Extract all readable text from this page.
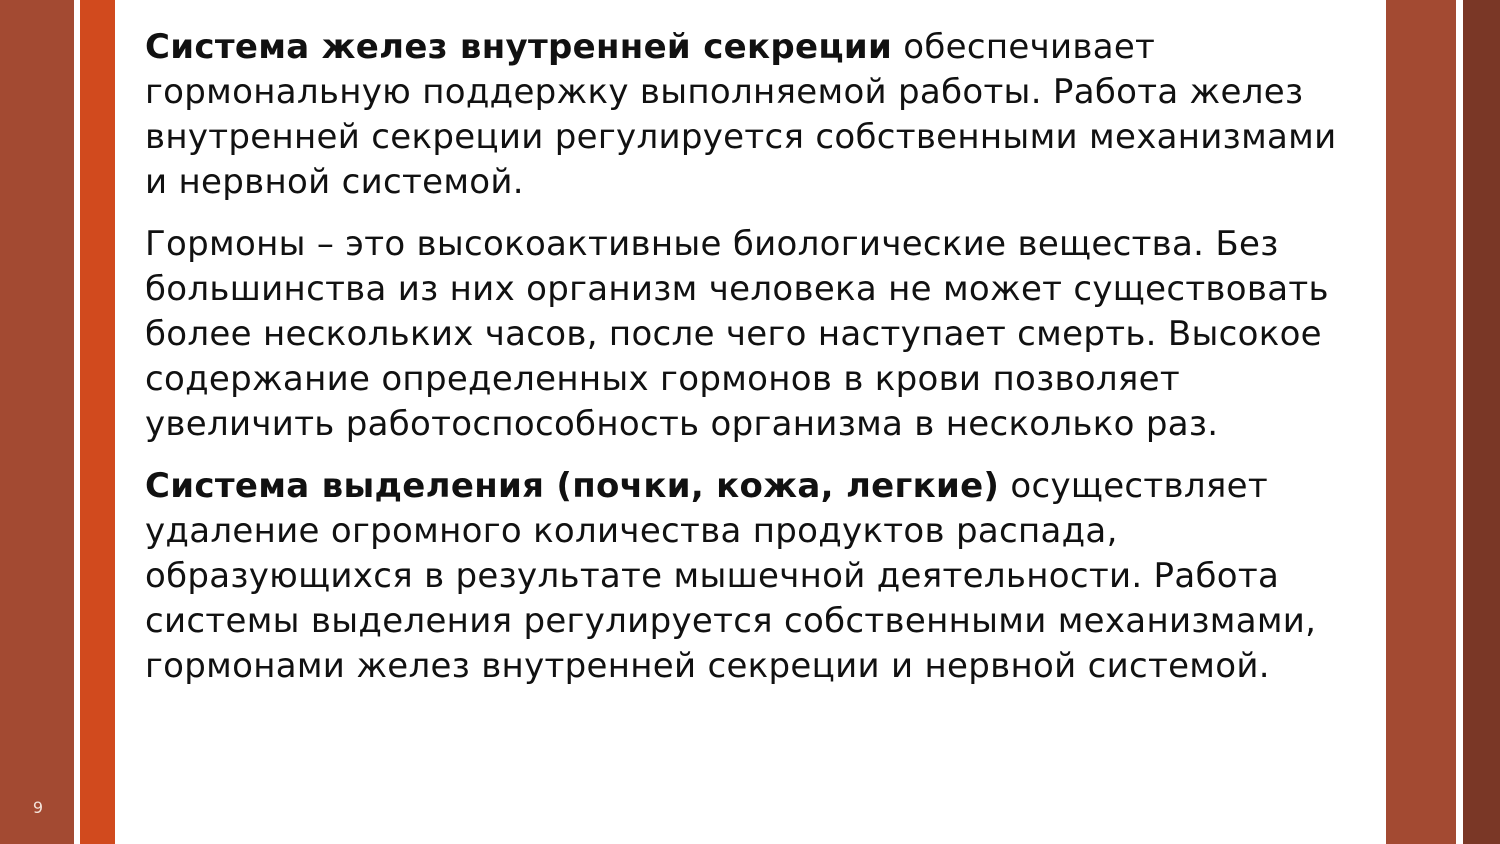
9

Система желез внутренней секреции обеспечивает гормональную поддержку выполняемой работы. Работа желез внутренней секреции регулируется собственными механизмами и нервной системой.

Гормоны – это высокоактивные биологические вещества. Без большинства из них организм человека не может существовать более нескольких часов, после чего наступает смерть. Высокое содержание определенных гормонов в крови позволяет увеличить работоспособность организма в несколько раз.

Система выделения (почки, кожа, легкие) осуществляет удаление огромного количества продуктов распада, образующихся в результате мышечной деятельности. Работа системы выделения регулируется собственными механизмами, гормонами желез внутренней секреции и нервной системой.
